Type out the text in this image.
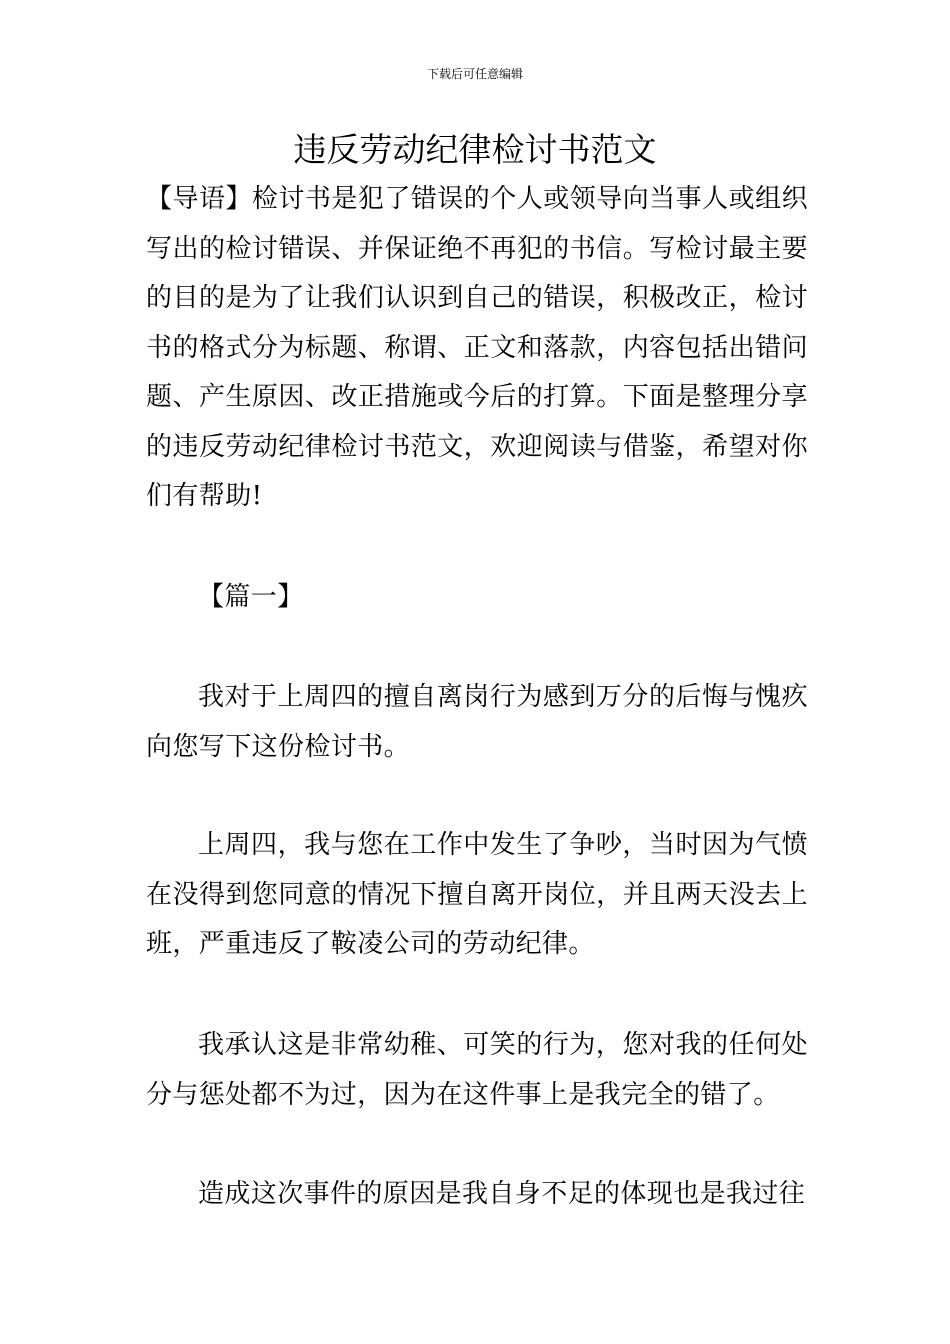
下载后可任意编辑
违反劳动纪律检讨书范文

【导语】检讨书是犯了错误的个人或领导向当事人或组织写出的检讨错误、并保证绝不再犯的书信。写检讨最主要的目的是为了让我们认识到自己的错误，积极改正，检讨书的格式分为标题、称谓、正文和落款，内容包括出错问题、产生原因、改正措施或今后的打算。下面是整理分享的违反劳动纪律检讨书范文，欢迎阅读与借鉴，希望对你们有帮助!

【篇一】

我对于上周四的擅自离岗行为感到万分的后悔与愧疚向您写下这份检讨书。

上周四，我与您在工作中发生了争吵，当时因为气愤在没得到您同意的情况下擅自离开岗位，并且两天没去上班，严重违反了鞍凌公司的劳动纪律。

我承认这是非常幼稚、可笑的行为，您对我的任何处分与惩处都不为过，因为在这件事上是我完全的错了。

造成这次事件的原因是我自身不足的体现也是我过往
